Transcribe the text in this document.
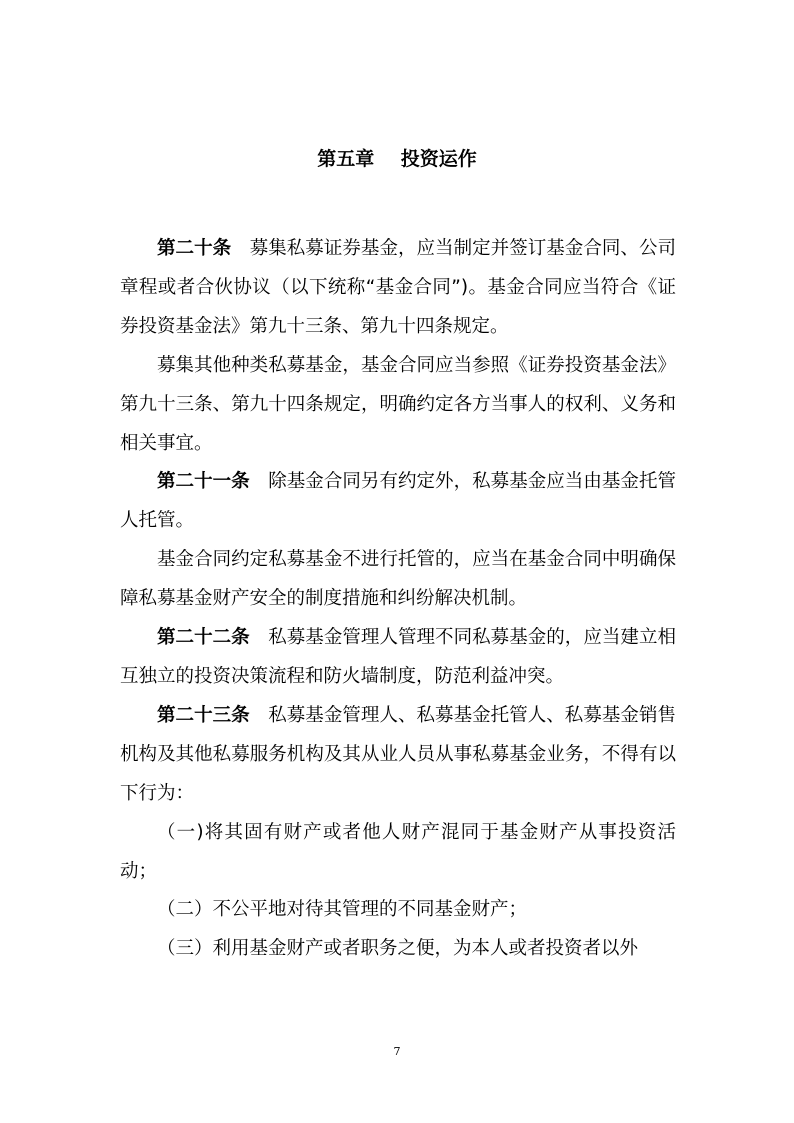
第五章    投资运作

第二十条　 募集私募证券基金，应当制定并签订基金合同、公司章程或者合伙协议（以下统称“基金合同”)。基金合同应当符合《证券投资基金法》第九十三条、第九十四条规定。

募集其他种类私募基金，基金合同应当参照《证券投资基金法》第九十三条、第九十四条规定，明确约定各方当事人的权利、义务和相关事宜。

第二十一条　 除基金合同另有约定外，私募基金应当由基金托管人托管。

基金合同约定私募基金不进行托管的，应当在基金合同中明确保障私募基金财产安全的制度措施和纠纷解决机制。

第二十二条　 私募基金管理人管理不同私募基金的，应当建立相互独立的投资决策流程和防火墙制度，防范利益冲突。

第二十三条　 私募基金管理人、私募基金托管人、私募基金销售机构及其他私募服务机构及其从业人员从事私募基金业务，不得有以下行为：

（一)将其固有财产或者他人财产混同于基金财产从事投资活动；

（二）不公平地对待其管理的不同基金财产；

（三）利用基金财产或者职务之便，为本人或者投资者以外

7
